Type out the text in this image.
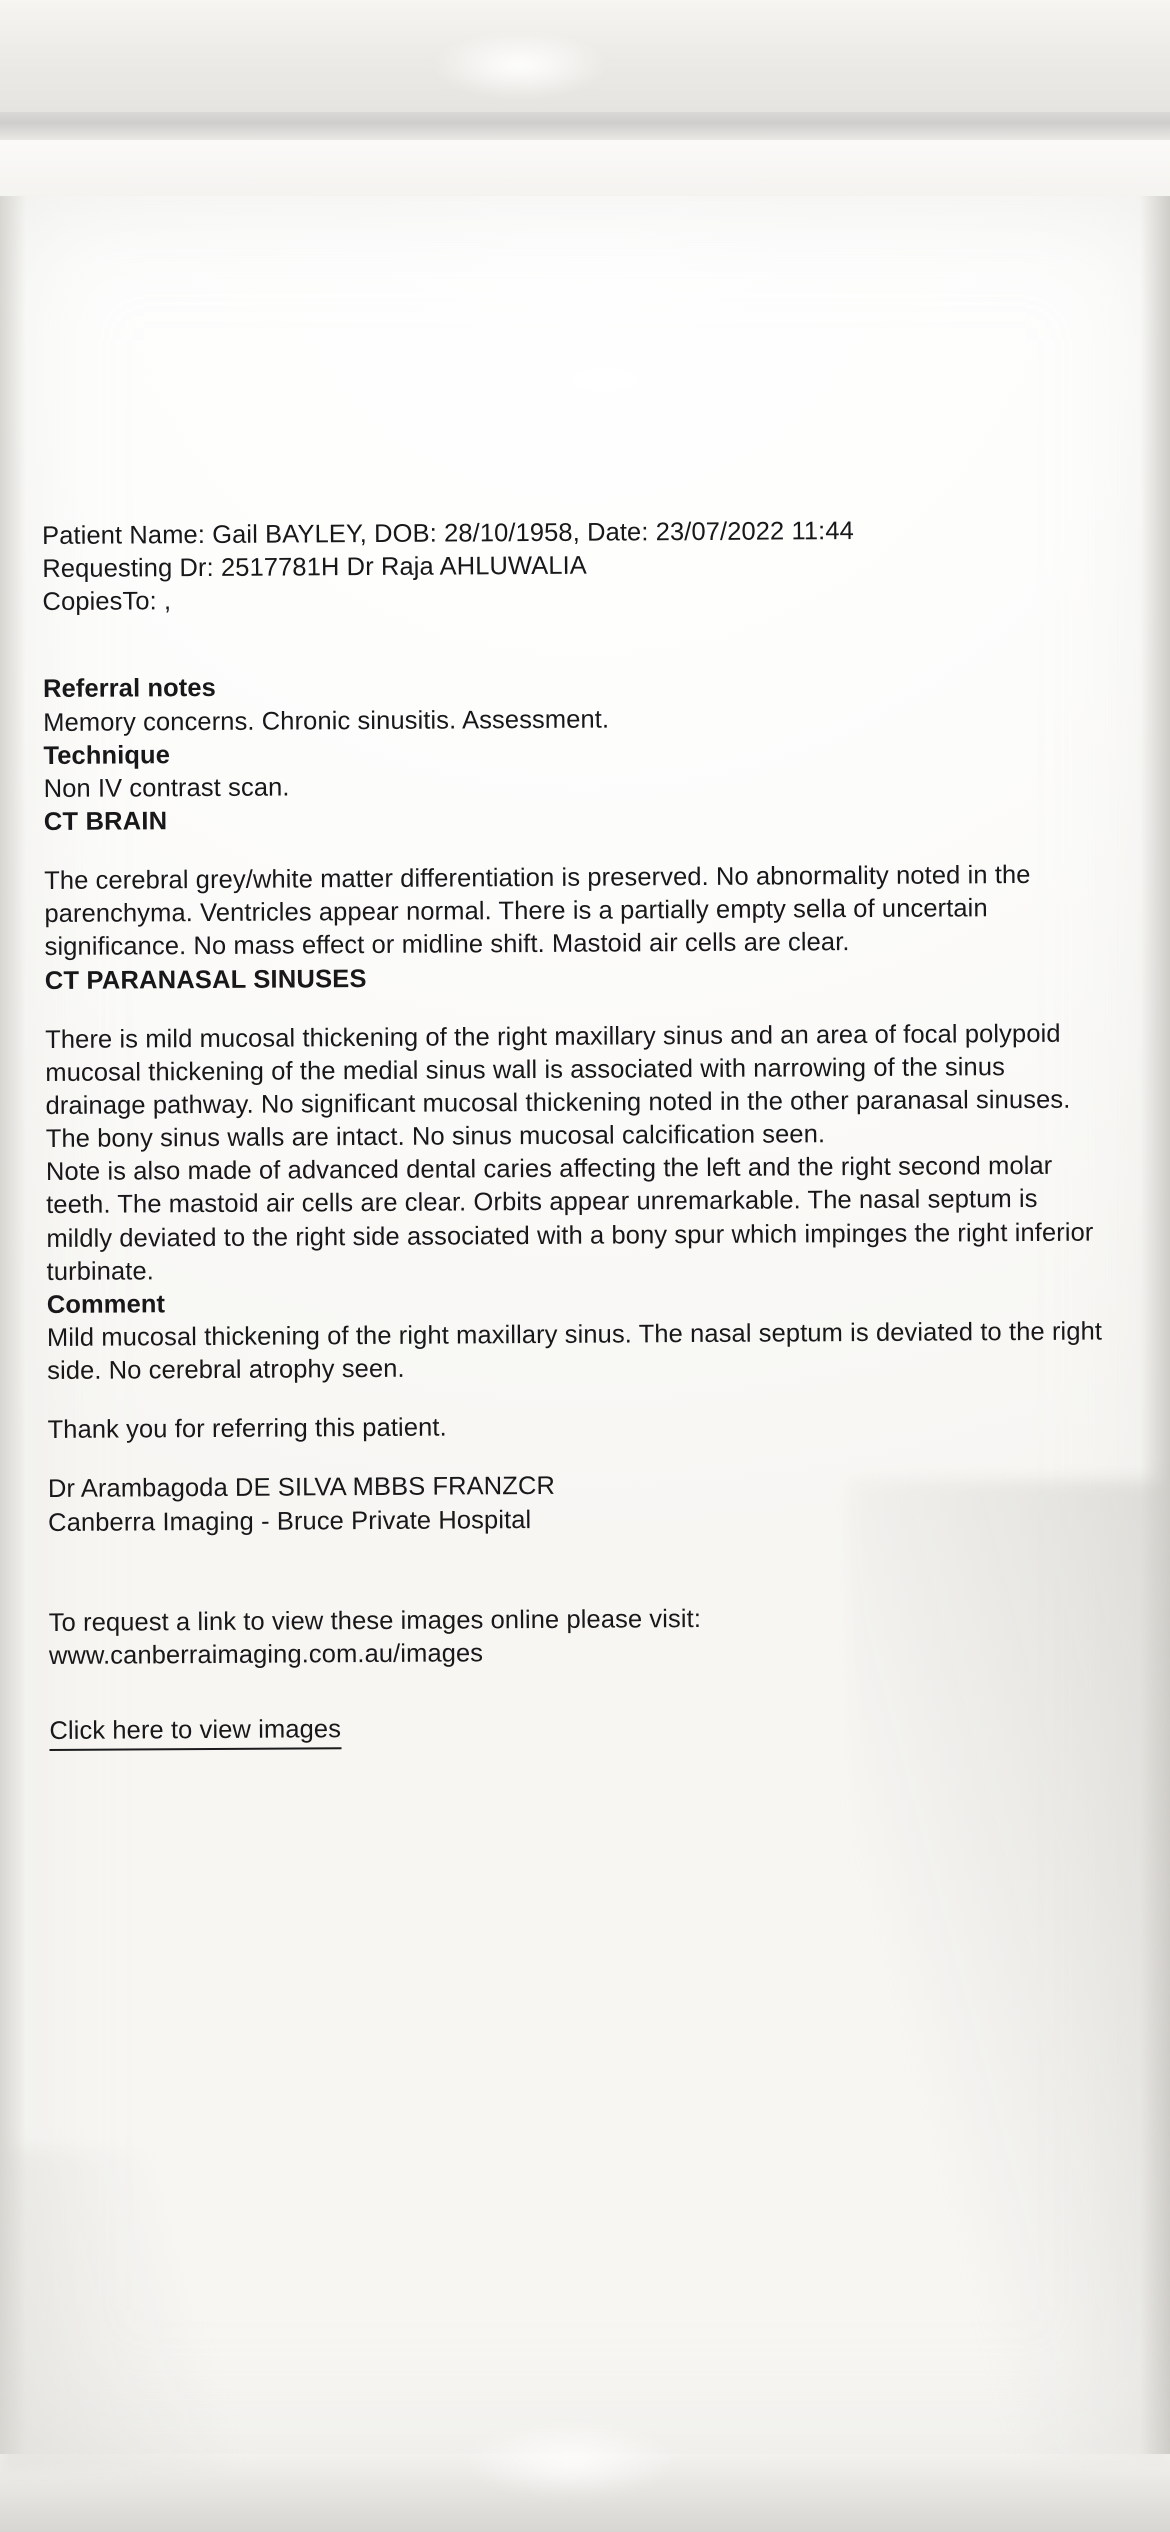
Patient Name: Gail BAYLEY, DOB: 28/10/1958, Date: 23/07/2022 11:44

Requesting Dr: 2517781H Dr Raja AHLUWALIA

CopiesTo: ,

Referral notes

Memory concerns. Chronic sinusitis. Assessment.

Technique

Non IV contrast scan.

CT BRAIN

The cerebral grey/white matter differentiation is preserved. No abnormality noted in the parenchyma. Ventricles appear normal. There is a partially empty sella of uncertain significance. No mass effect or midline shift. Mastoid air cells are clear.

CT PARANASAL SINUSES

There is mild mucosal thickening of the right maxillary sinus and an area of focal polypoid mucosal thickening of the medial sinus wall is associated with narrowing of the sinus drainage pathway. No significant mucosal thickening noted in the other paranasal sinuses. The bony sinus walls are intact. No sinus mucosal calcification seen.

Note is also made of advanced dental caries affecting the left and the right second molar teeth. The mastoid air cells are clear. Orbits appear unremarkable. The nasal septum is mildly deviated to the right side associated with a bony spur which impinges the right inferior turbinate.

Comment

Mild mucosal thickening of the right maxillary sinus. The nasal septum is deviated to the right side. No cerebral atrophy seen.

Thank you for referring this patient.

Dr Arambagoda DE SILVA MBBS FRANZCR

Canberra Imaging - Bruce Private Hospital

To request a link to view these images online please visit:

www.canberraimaging.com.au/images

Click here to view images
